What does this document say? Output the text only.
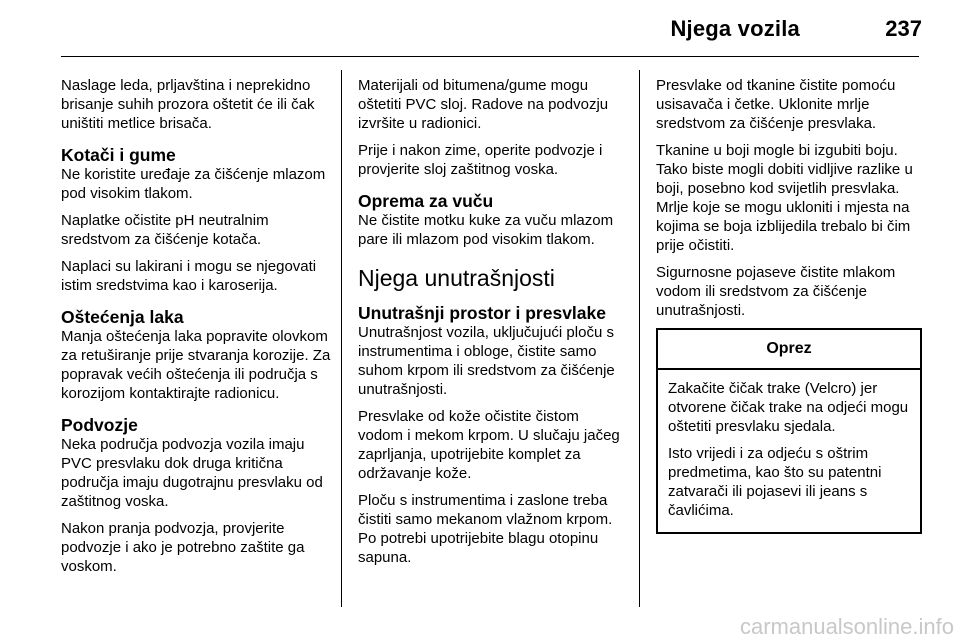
Njega vozila	237

Naslage leda, prljavština i neprekidno brisanje suhih prozora oštetit će ili čak uništiti metlice brisača.

Kotači i gume

Ne koristite uređaje za čišćenje mlazom pod visokim tlakom.

Naplatke očistite pH neutralnim sredstvom za čišćenje kotača.

Naplaci su lakirani i mogu se njegovati istim sredstvima kao i karoserija.

Oštećenja laka

Manja oštećenja laka popravite olovkom za retuširanje prije stvaranja korozije. Za popravak većih oštećenja ili područja s korozijom kontaktirajte radionicu.

Podvozje

Neka područja podvozja vozila imaju PVC presvlaku dok druga kritična područja imaju dugotrajnu presvlaku od zaštitnog voska.

Nakon pranja podvozja, provjerite podvozje i ako je potrebno zaštite ga voskom.

Materijali od bitumena/gume mogu oštetiti PVC sloj. Radove na podvozju izvršite u radionici.

Prije i nakon zime, operite podvozje i provjerite sloj zaštitnog voska.

Oprema za vuču

Ne čistite motku kuke za vuču mlazom pare ili mlazom pod visokim tlakom.

Njega unutrašnjosti
Unutrašnji prostor i presvlake

Unutrašnjost vozila, uključujući ploču s instrumentima i obloge, čistite samo suhom krpom ili sredstvom za čišćenje unutrašnjosti.

Presvlake od kože očistite čistom vodom i mekom krpom. U slučaju jačeg zaprljanja, upotrijebite komplet za održavanje kože.

Ploču s instrumentima i zaslone treba čistiti samo mekanom vlažnom krpom. Po potrebi upotrijebite blagu otopinu sapuna.

Presvlake od tkanine čistite pomoću usisavača i četke. Uklonite mrlje sredstvom za čišćenje presvlaka.

Tkanine u boji mogle bi izgubiti boju. Tako biste mogli dobiti vidljive razlike u boji, posebno kod svijetlih presvlaka. Mrlje koje se mogu ukloniti i mjesta na kojima se boja izblijedila trebalo bi čim prije očistiti.

Sigurnosne pojaseve čistite mlakom vodom ili sredstvom za čišćenje unutrašnjosti.

Oprez

Zakačite čičak trake (Velcro) jer otvorene čičak trake na odjeći mogu oštetiti presvlaku sjedala.

Isto vrijedi i za odjeću s oštrim predmetima, kao što su patentni zatvarači ili pojasevi ili jeans s čavlićima.

carmanualsonline.info
